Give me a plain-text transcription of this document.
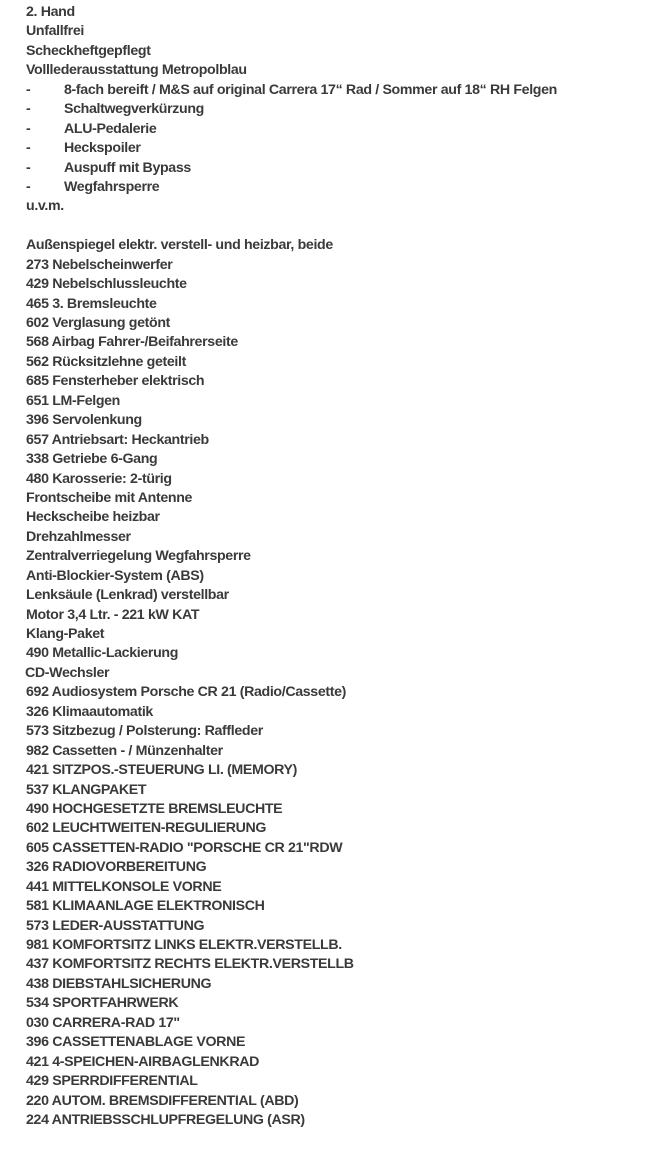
2. Hand
Unfallfrei
Scheckheftgepflegt
Volllederausstattung Metropolblau
- 8-fach bereift / M&S auf original Carrera 17“ Rad / Sommer auf 18“ RH Felgen
- Schaltwegverkürzung
- ALU-Pedalerie
- Heckspoiler
- Auspuff mit Bypass
- Wegfahrsperre
u.v.m.
Außenspiegel elektr. verstell- und heizbar, beide
273 Nebelscheinwerfer
429 Nebelschlussleuchte
465 3. Bremsleuchte
602 Verglasung getönt
568 Airbag Fahrer-/Beifahrerseite
562 Rücksitzlehne geteilt
685 Fensterheber elektrisch
651 LM-Felgen
396 Servolenkung
657 Antriebsart: Heckantrieb
338 Getriebe 6-Gang
480 Karosserie: 2-türig
Frontscheibe mit Antenne
Heckscheibe heizbar
Drehzahlmesser
Zentralverriegelung Wegfahrsperre
Anti-Blockier-System (ABS)
Lenksäule (Lenkrad) verstellbar
Motor 3,4 Ltr. - 221 kW KAT
Klang-Paket
490 Metallic-Lackierung
CD-Wechsler
692 Audiosystem Porsche CR 21 (Radio/Cassette)
326 Klimaautomatik
573 Sitzbezug / Polsterung: Raffleder
982 Cassetten - / Münzenhalter
421 SITZPOS.-STEUERUNG LI. (MEMORY)
537 KLANGPAKET
490 HOCHGESETZTE BREMSLEUCHTE
602 LEUCHTWEITEN-REGULIERUNG
605 CASSETTEN-RADIO "PORSCHE CR 21"RDW
326 RADIOVORBEREITUNG
441 MITTELKONSOLE VORNE
581 KLIMAANLAGE ELEKTRONISCH
573 LEDER-AUSSTATTUNG
981 KOMFORTSITZ LINKS ELEKTR.VERSTELLB.
437 KOMFORTSITZ RECHTS ELEKTR.VERSTELLB
438 DIEBSTAHLSICHERUNG
534 SPORTFAHRWERK
030 CARRERA-RAD 17"
396 CASSETTENABLAGE VORNE
421 4-SPEICHEN-AIRBAGLENKRAD
429 SPERRDIFFERENTIAL
220 AUTOM. BREMSDIFFERENTIAL (ABD)
224 ANTRIEBSSCHLUPFREGELUNG (ASR)
